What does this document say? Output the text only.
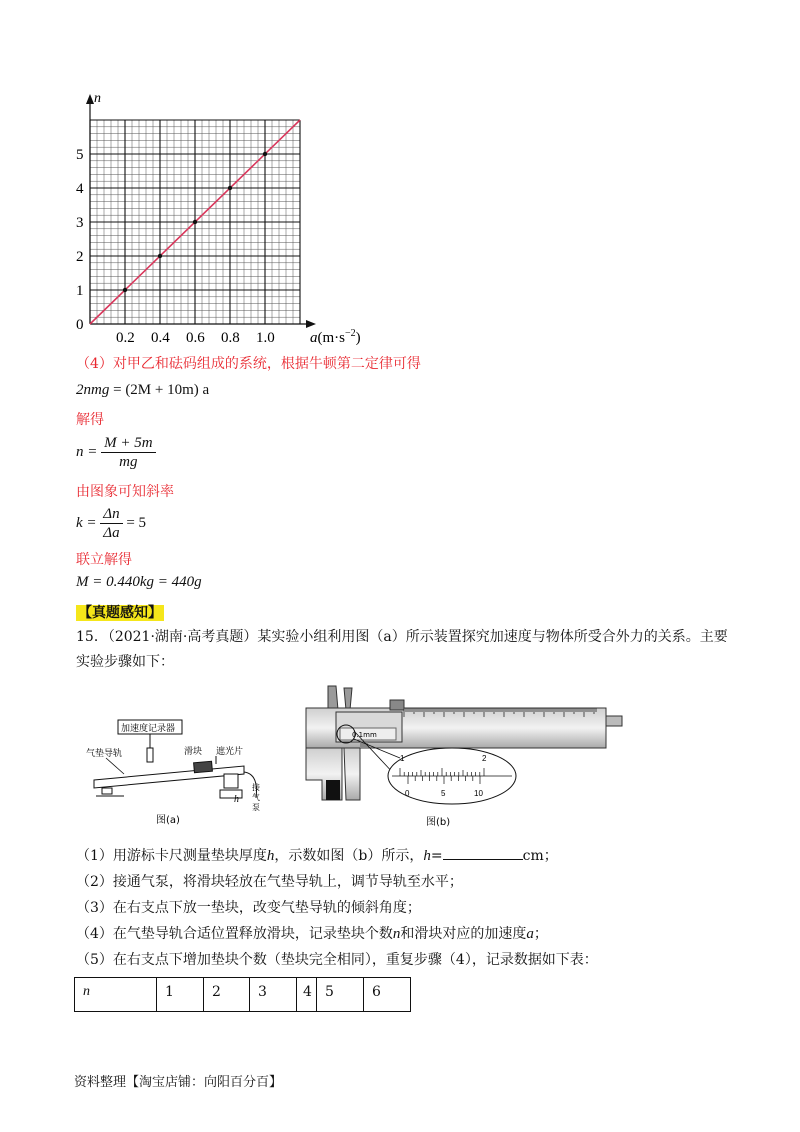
1
2
3
4
5
0.2 0.4 0.6 0.8 1.0
n
0
$a(m\cdot s^{-2})$
（4）对甲乙和砝码组成的系统，根据牛顿第二定律可得
2nmg = (2M + 10m) a
解得
$n = \frac{M + 5m}{mg}$
由图象可知斜率
$k = \frac{\Delta n}{\Delta a} = 5$
联立解得
M = 0.440kg = 440g
【真题感知】
15．（2021·湖南·高考真题）某实验小组利用图（a）所示装置探究加速度与物体所受合外力的关系。主要
实验步骤如下：
加速度记录器
气垫导轨	滑块 遮光片
h
接
气
泵
图(a)
0.1mm
1	2
0	5	10
图(b)
（1）用游标卡尺测量垫块厚度h，示数如图（b）所示，h=	cm；
（2）接通气泵，将滑块轻放在气垫导轨上，调节导轨至水平；
（3）在右支点下放一垫块，改变气垫导轨的倾斜角度；
（4）在气垫导轨合适位置释放滑块，记录垫块个数n和滑块对应的加速度a；
（5）在右支点下增加垫块个数（垫块完全相同），重复步骤（4），记录数据如下表：
n	1	2	3	4	5	6
资料整理【淘宝店铺：向阳百分百】
